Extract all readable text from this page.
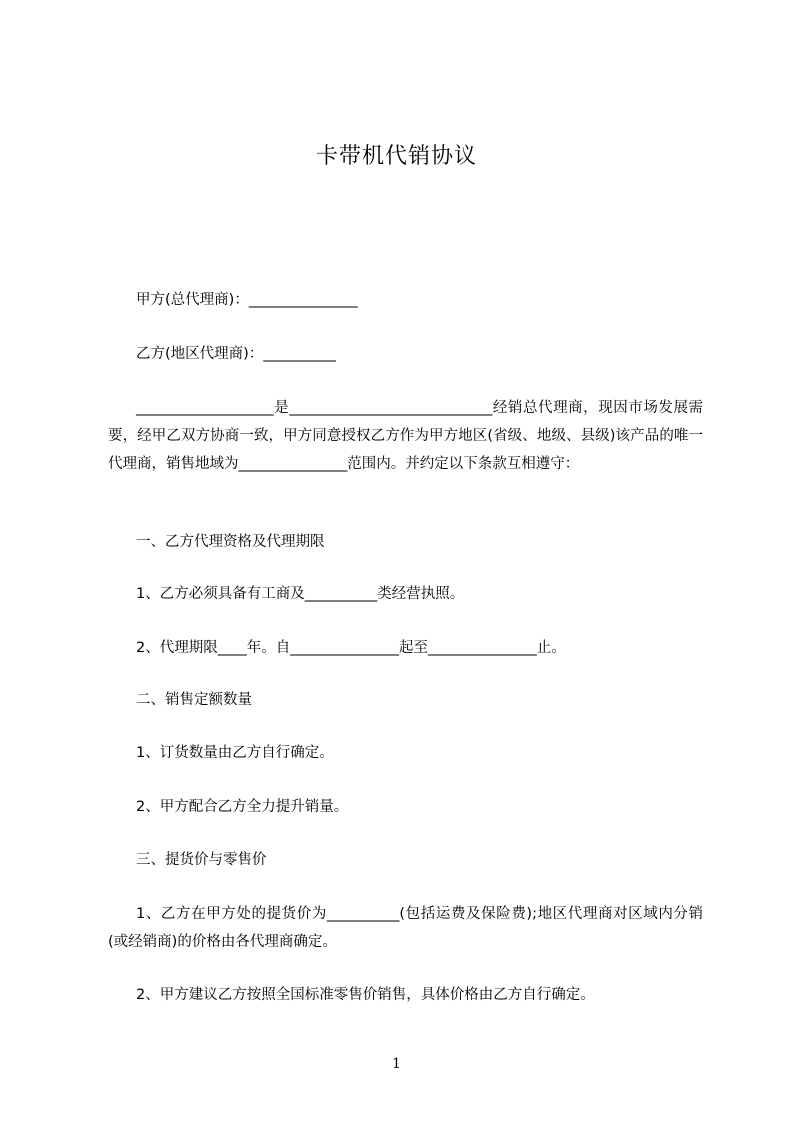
卡带机代销协议
甲方(总代理商)：_______________
乙方(地区代理商)：__________
___________________是____________________________经销总代理商，现因市场发展需要，经甲乙双方协商一致，甲方同意授权乙方作为甲方地区(省级、地级、县级)该产品的唯一代理商，销售地域为_______________范围内。并约定以下条款互相遵守：
一、乙方代理资格及代理期限
1、乙方必须具备有工商及__________类经营执照。
2、代理期限____年。自_______________起至_______________止。
二、销售定额数量
1、订货数量由乙方自行确定。
2、甲方配合乙方全力提升销量。
三、提货价与零售价
1、乙方在甲方处的提货价为__________(包括运费及保险费);地区代理商对区域内分销(或经销商)的价格由各代理商确定。
2、甲方建议乙方按照全国标准零售价销售，具体价格由乙方自行确定。
1
